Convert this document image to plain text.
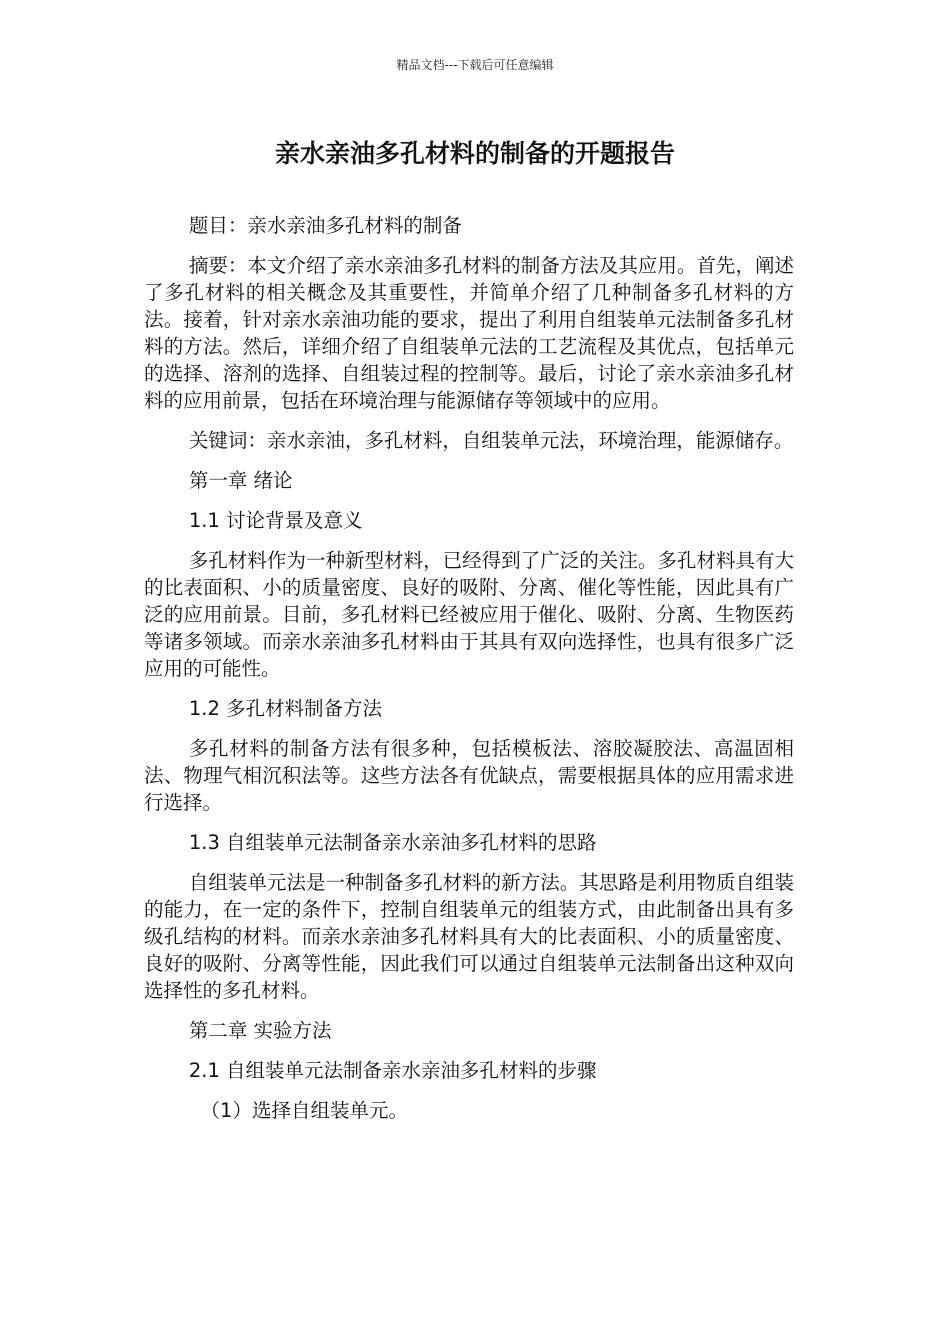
精品文档---下载后可任意编辑
亲水亲油多孔材料的制备的开题报告

题目：亲水亲油多孔材料的制备

摘要：本文介绍了亲水亲油多孔材料的制备方法及其应用。首先，阐述了多孔材料的相关概念及其重要性，并简单介绍了几种制备多孔材料的方法。接着，针对亲水亲油功能的要求，提出了利用自组装单元法制备多孔材料的方法。然后，详细介绍了自组装单元法的工艺流程及其优点，包括单元的选择、溶剂的选择、自组装过程的控制等。最后，讨论了亲水亲油多孔材料的应用前景，包括在环境治理与能源储存等领域中的应用。

关键词：亲水亲油，多孔材料，自组装单元法，环境治理，能源储存。

第一章 绪论

1.1 讨论背景及意义

多孔材料作为一种新型材料，已经得到了广泛的关注。多孔材料具有大的比表面积、小的质量密度、良好的吸附、分离、催化等性能，因此具有广泛的应用前景。目前，多孔材料已经被应用于催化、吸附、分离、生物医药等诸多领域。而亲水亲油多孔材料由于其具有双向选择性，也具有很多广泛应用的可能性。

1.2 多孔材料制备方法

多孔材料的制备方法有很多种，包括模板法、溶胶凝胶法、高温固相法、物理气相沉积法等。这些方法各有优缺点，需要根据具体的应用需求进行选择。

1.3 自组装单元法制备亲水亲油多孔材料的思路

自组装单元法是一种制备多孔材料的新方法。其思路是利用物质自组装的能力，在一定的条件下，控制自组装单元的组装方式，由此制备出具有多级孔结构的材料。而亲水亲油多孔材料具有大的比表面积、小的质量密度、良好的吸附、分离等性能，因此我们可以通过自组装单元法制备出这种双向选择性的多孔材料。

第二章 实验方法

2.1 自组装单元法制备亲水亲油多孔材料的步骤

（1）选择自组装单元。
